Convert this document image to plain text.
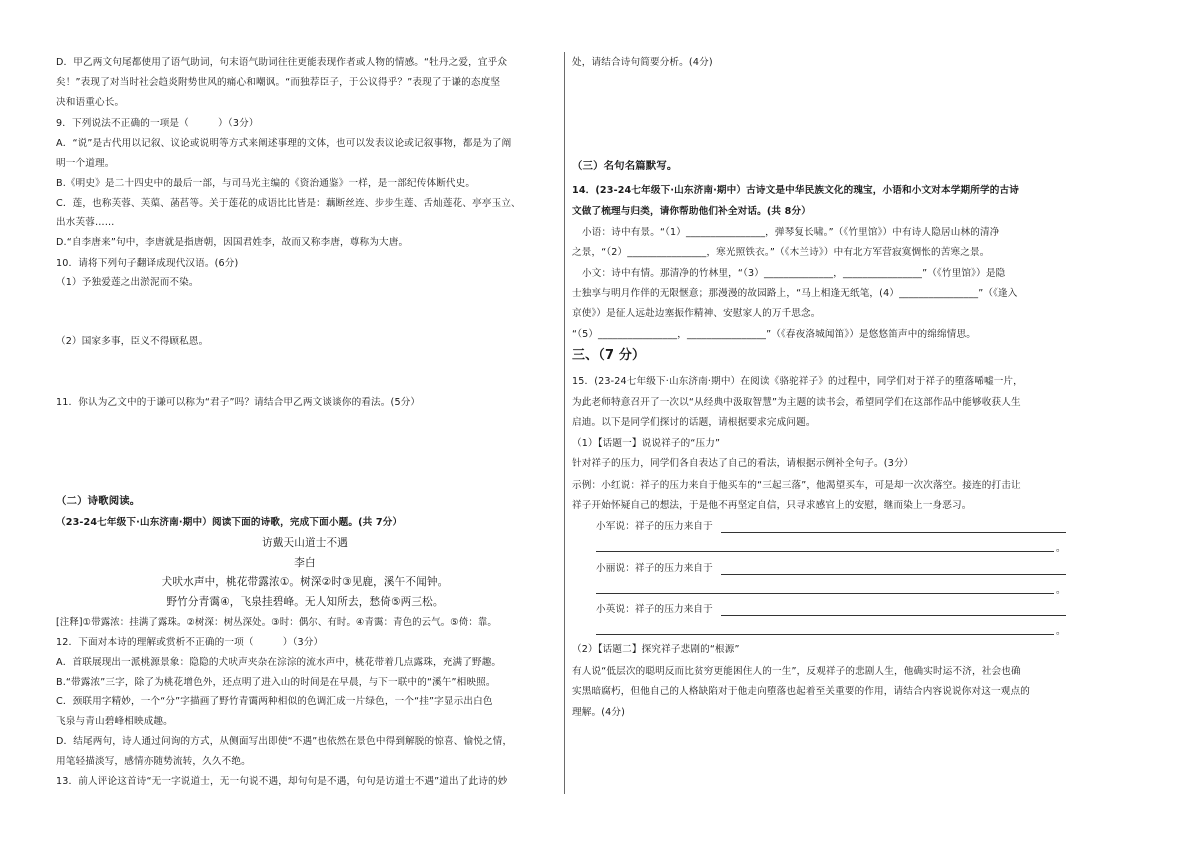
D．甲乙两文句尾都使用了语气助词，句末语气助词往往更能表现作者或人物的情感。“牡丹之爱，宜乎众
矣！”表现了对当时社会趋炎附势世风的痛心和嘲讽。“而独荐臣子，于公议得乎？”表现了于谦的态度坚
决和语重心长。
9．下列说法不正确的一项是（　　　）（3分）
A．“说”是古代用以记叙、议论或说明等方式来阐述事理的文体，也可以发表议论或记叙事物，都是为了阐
明一个道理。
B.《明史》是二十四史中的最后一部，与司马光主编的《资治通鉴》一样，是一部纪传体断代史。
C．莲，也称芙蓉、芙蕖、菡萏等。关于莲花的成语比比皆是：藕断丝连、步步生莲、舌灿莲花、亭亭玉立、
出水芙蓉……
D.“自李唐来”句中，李唐就是指唐朝，因国君姓李，故而又称李唐，尊称为大唐。
10．请将下列句子翻译成现代汉语。(6分)
（1）予独爱莲之出淤泥而不染。
（2）国家多事，臣义不得顾私恩。
11．你认为乙文中的于谦可以称为“君子”吗？请结合甲乙两文谈谈你的看法。(5分）
（二）诗歌阅读。
（23-24七年级下·山东济南·期中）阅读下面的诗歌，完成下面小题。(共 7分）
访戴天山道士不遇
李白
犬吠水声中，桃花带露浓①。树深②时③见鹿，溪午不闻钟。
野竹分青霭④，飞泉挂碧峰。无人知所去，愁倚⑤两三松。
[注释]①带露浓：挂满了露珠。②树深：树丛深处。③时：偶尔、有时。④青霭：青色的云气。⑤倚：靠。
12．下面对本诗的理解或赏析不正确的一项（　　　）（3分）
A．首联展现出一派桃源景象：隐隐的犬吠声夹杂在淙淙的流水声中，桃花带着几点露珠，充满了野趣。
B.“带露浓”三字，除了为桃花增色外，还点明了进入山的时间是在早晨，与下一联中的“溪午”相映照。
C．颈联用字精妙，一个“分”字描画了野竹青霭两种相似的色调汇成一片绿色，一个“挂”字显示出白色
飞泉与青山碧峰相映成趣。
D．结尾两句，诗人通过问询的方式，从侧面写出即使“不遇”也依然在景色中得到解脱的惊喜、愉悦之情，
用笔轻描淡写，感情亦随势流转，久久不绝。
13．前人评论这首诗“无一字说道士，无一句说不遇，却句句是不遇，句句是访道士不遇”道出了此诗的妙
处，请结合诗句简要分析。(4分)
（三）名句名篇默写。
14．(23-24七年级下·山东济南·期中）古诗文是中华民族文化的瑰宝，小语和小文对本学期所学的古诗
文做了梳理与归类，请你帮助他们补全对话。(共 8分）
小语：诗中有景。“（1）________________，弹琴复长啸。”（《竹里馆》）中有诗人隐居山林的清净
之景，“（2）________________，寒光照铁衣。”（《木兰诗》）中有北方军营寂寞惆怅的苦寒之景。
小文：诗中有情。那清净的竹林里，“（3）______________，________________”（《竹里馆》）是隐
士独享与明月作伴的无限惬意；那漫漫的故园路上，“马上相逢无纸笔，(4）________________”（《逢入
京使》）是征人远赴边塞振作精神、安慰家人的万千思念。
“（5）________________，________________”（《春夜洛城闻笛》）是悠悠笛声中的绵绵情思。
三、（7 分）
15．(23-24七年级下·山东济南·期中）在阅读《骆驼祥子》的过程中，同学们对于祥子的堕落唏嘘一片，
为此老师特意召开了一次以“从经典中汲取智慧”为主题的读书会，希望同学们在这部作品中能够收获人生
启迪。以下是同学们探讨的话题，请根据要求完成问题。
（1）【话题一】说说祥子的“压力”
针对祥子的压力，同学们各自表达了自己的看法，请根据示例补全句子。(3分）
示例：小红说：祥子的压力来自于他买车的“三起三落”，他渴望买车，可是却一次次落空。接连的打击让
祥子开始怀疑自己的想法，于是他不再坚定自信，只寻求感官上的安慰，继而染上一身恶习。
小军说：祥子的压力来自于
。
小丽说：祥子的压力来自于
。
小英说：祥子的压力来自于
。
（2）【话题二】探究祥子悲剧的“根源”
有人说“低层次的聪明反而比贫穷更能困住人的一生”，反观祥子的悲剧人生，他确实时运不济，社会也确
实黑暗腐朽，但他自己的人格缺陷对于他走向堕落也起着至关重要的作用，请结合内容说说你对这一观点的
理解。(4分)
